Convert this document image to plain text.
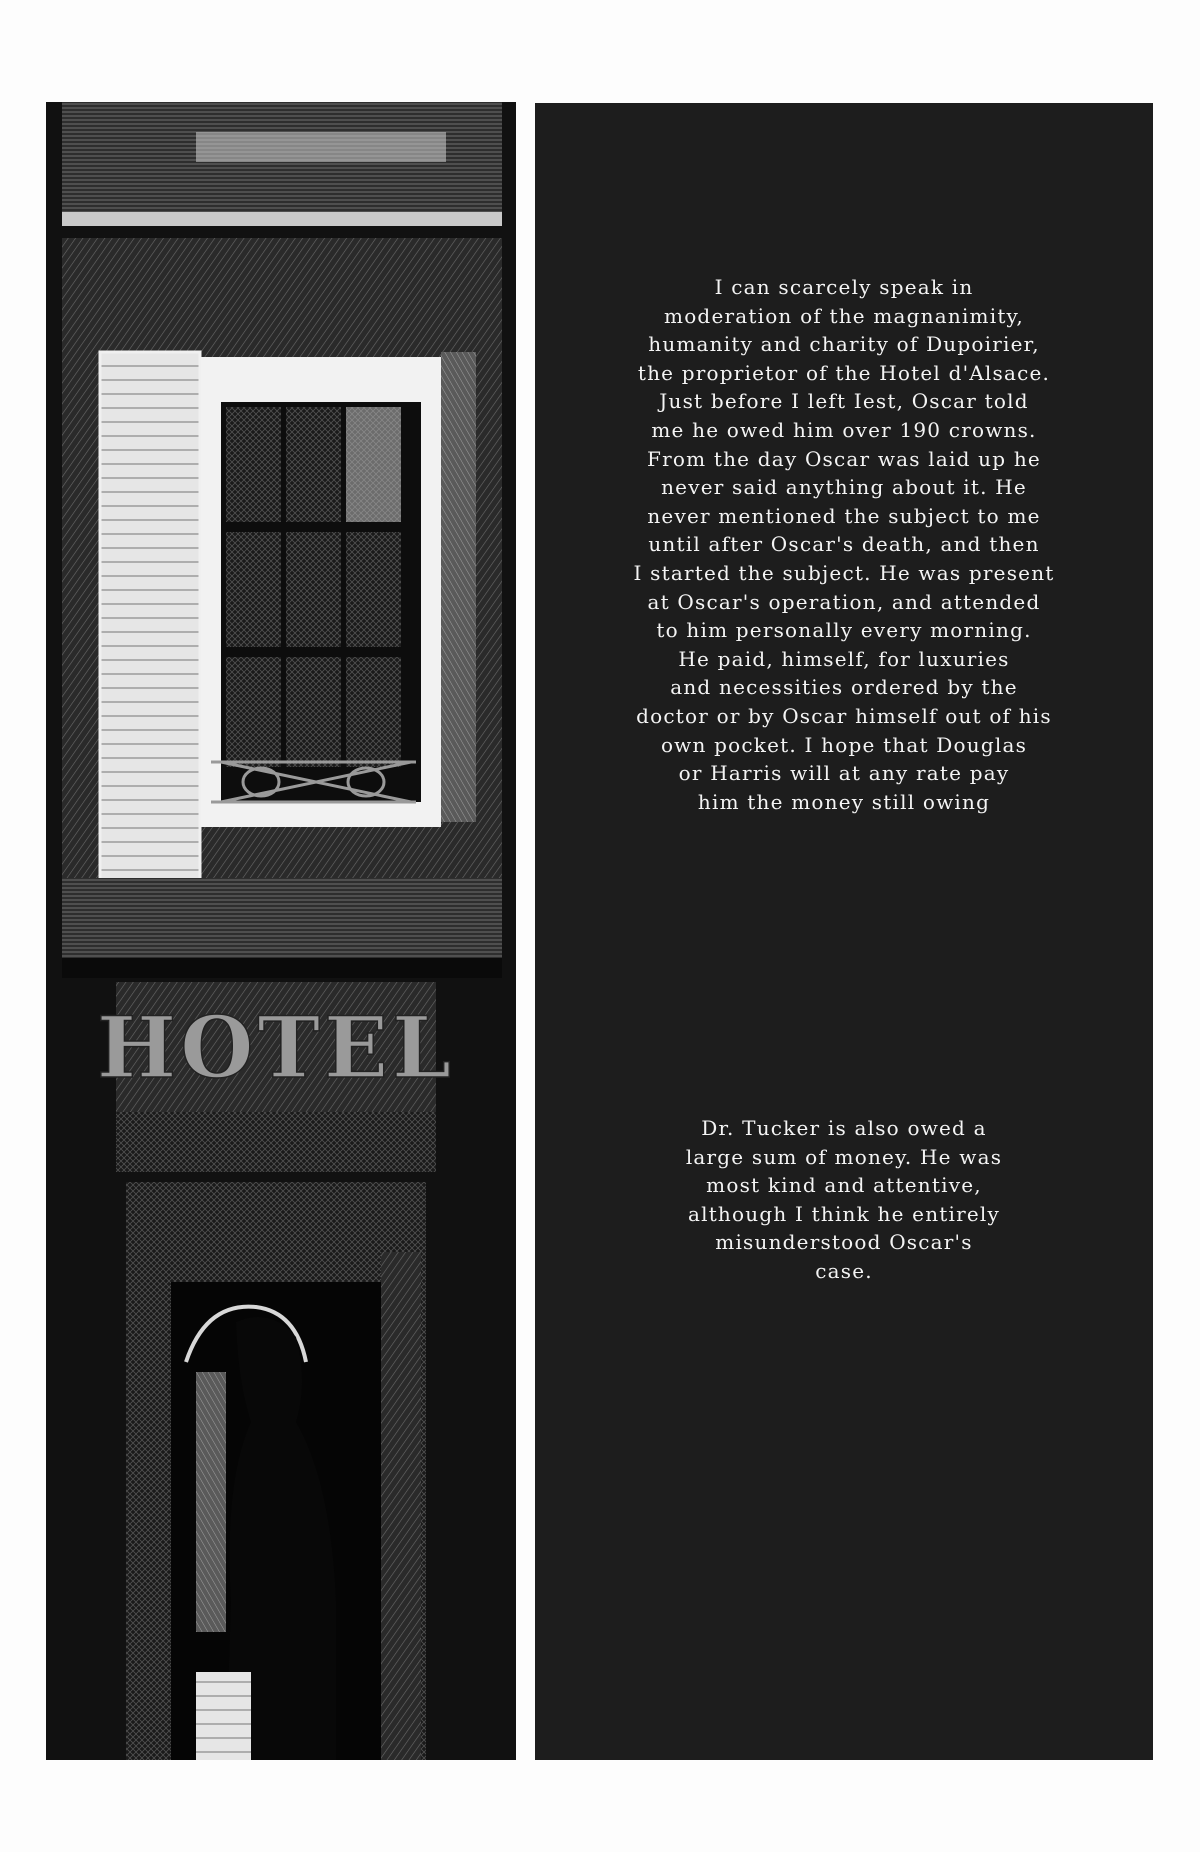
HOTEL
I can scarcely speak in
moderation of the magnanimity,
humanity and charity of Dupoirier,
the proprietor of the Hotel d'Alsace.
Just before I left Iest, Oscar told
me he owed him over 190 crowns.
From the day Oscar was laid up he
never said anything about it. He
never mentioned the subject to me
until after Oscar's death, and then
I started the subject. He was present
at Oscar's operation, and attended
to him personally every morning.
He paid, himself, for luxuries
and necessities ordered by the
doctor or by Oscar himself out of his
own pocket. I hope that Douglas
or Harris will at any rate pay
him the money still owing
Dr. Tucker is also owed a
large sum of money. He was
most kind and attentive,
although I think he entirely
misunderstood Oscar's
case.
